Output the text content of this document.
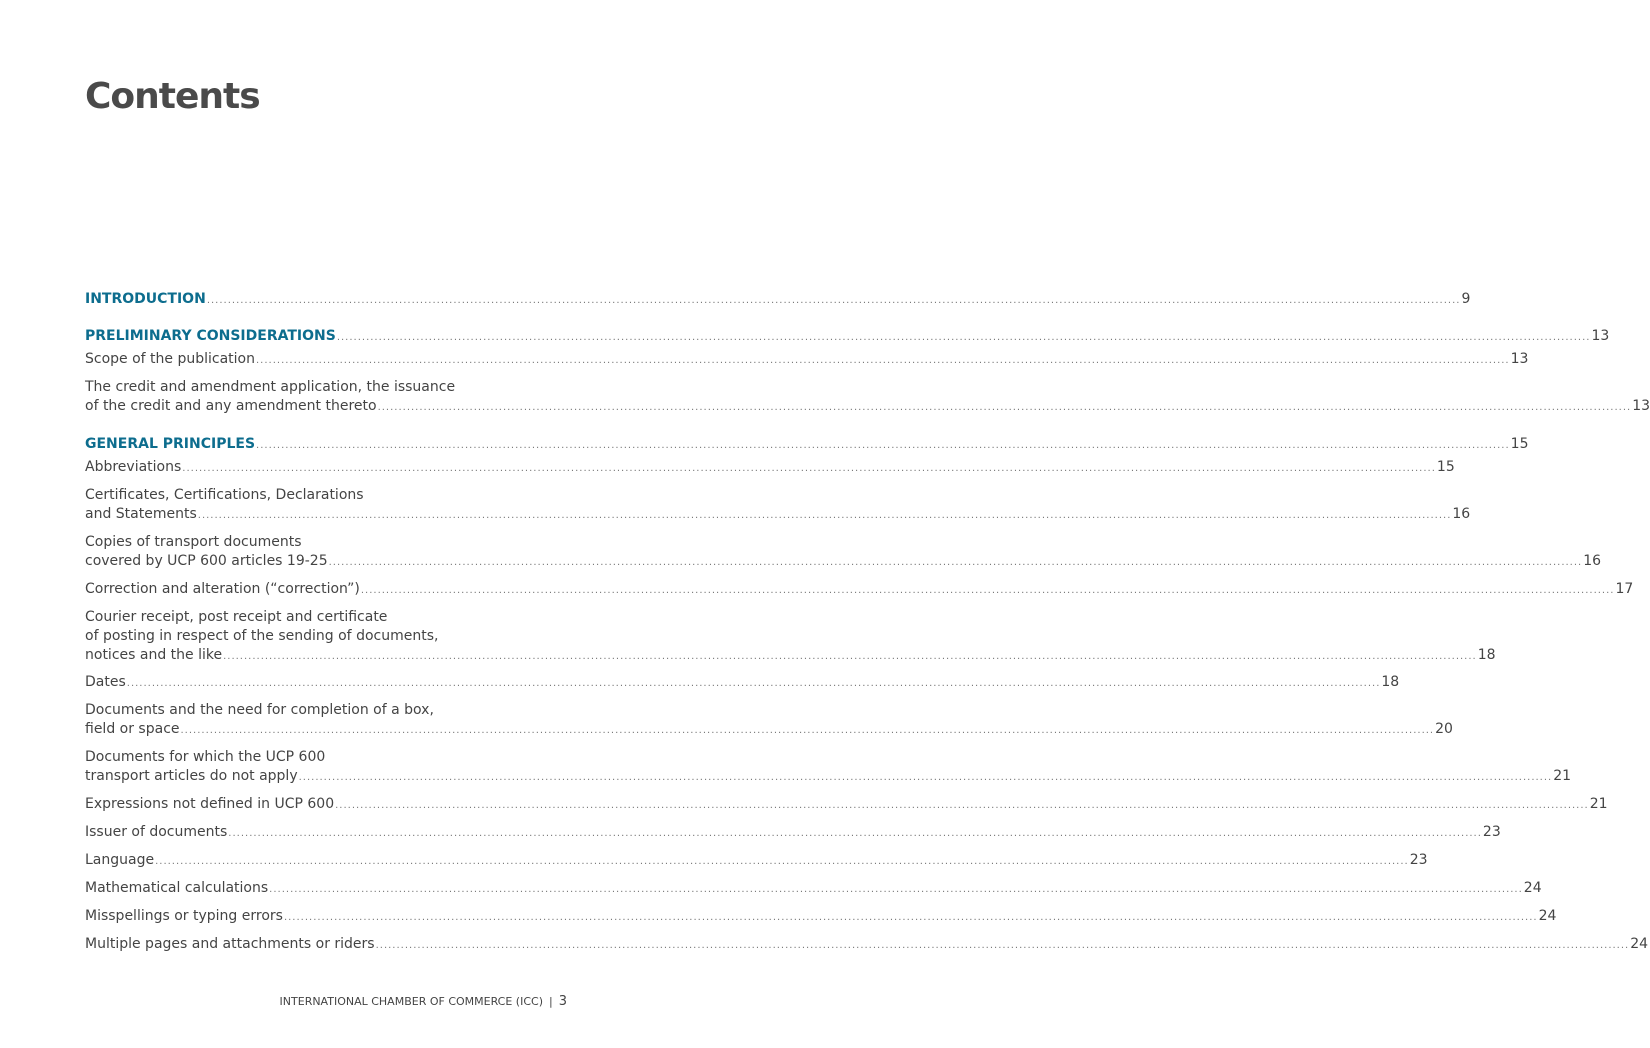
Contents
INTRODUCTION ............................................................................................................................................................................................................................................................................................................ 9
PRELIMINARY CONSIDERATIONS ............................................................................................................................................................................................................................................................................................................ 13
Scope of the publication ............................................................................................................................................................................................................................................................................................................ 13
The credit and amendment application, the issuance
of the credit and any amendment thereto ............................................................................................................................................................................................................................................................................................................ 13
GENERAL PRINCIPLES ............................................................................................................................................................................................................................................................................................................ 15
Abbreviations ............................................................................................................................................................................................................................................................................................................ 15
Certificates, Certifications, Declarations
and Statements ............................................................................................................................................................................................................................................................................................................ 16
Copies of transport documents
covered by UCP 600 articles 19-25 ............................................................................................................................................................................................................................................................................................................ 16
Correction and alteration (“correction”) ............................................................................................................................................................................................................................................................................................................ 17
Courier receipt, post receipt and certificate
of posting in respect of the sending of documents,
notices and the like ............................................................................................................................................................................................................................................................................................................ 18
Dates ............................................................................................................................................................................................................................................................................................................ 18
Documents and the need for completion of a box,
field or space ............................................................................................................................................................................................................................................................................................................ 20
Documents for which the UCP 600
transport articles do not apply ............................................................................................................................................................................................................................................................................................................ 21
Expressions not defined in UCP 600 ............................................................................................................................................................................................................................................................................................................ 21
Issuer of documents ............................................................................................................................................................................................................................................................................................................ 23
Language ............................................................................................................................................................................................................................................................................................................ 23
Mathematical calculations ............................................................................................................................................................................................................................................................................................................ 24
Misspellings or typing errors ............................................................................................................................................................................................................................................................................................................ 24
Multiple pages and attachments or riders ............................................................................................................................................................................................................................................................................................................ 24
INTERNATIONAL CHAMBER OF COMMERCE (ICC) | 3
